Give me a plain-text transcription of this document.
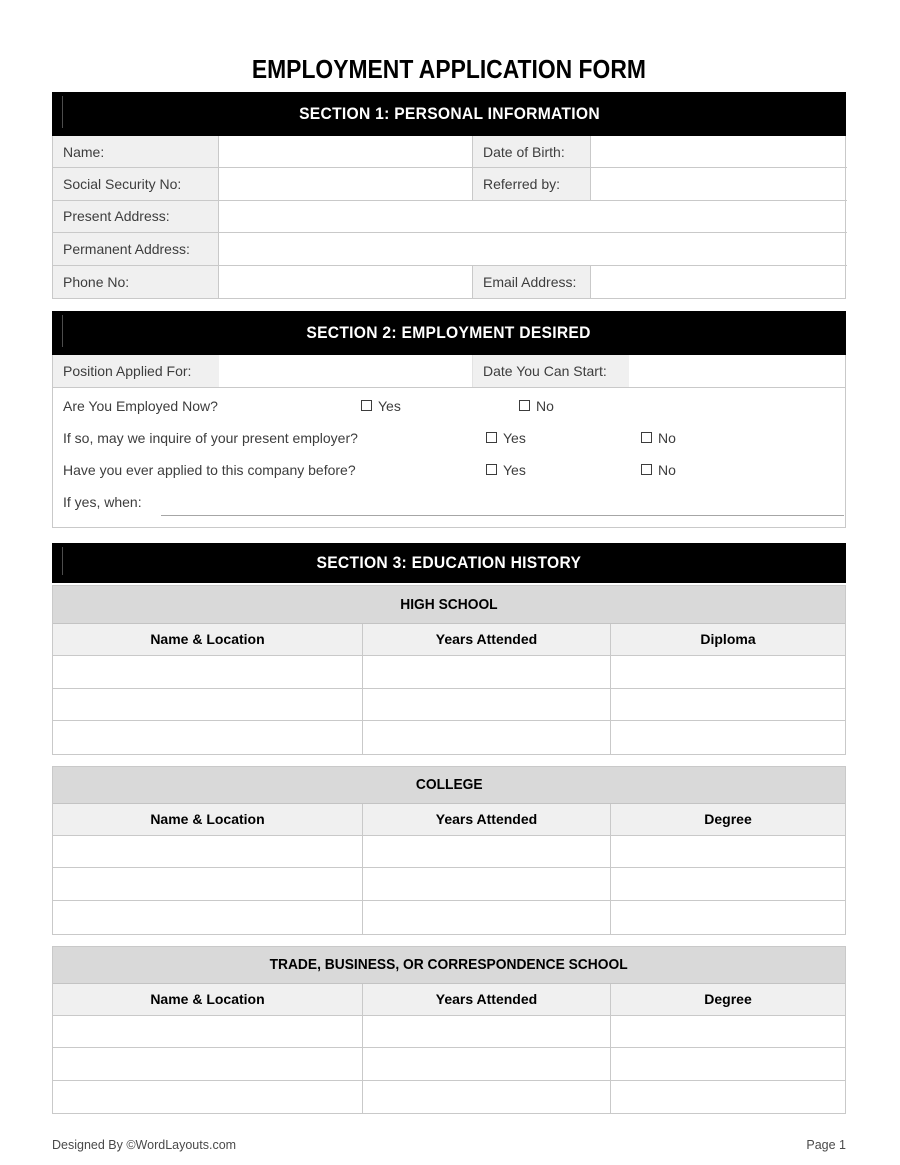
EMPLOYMENT APPLICATION FORM
SECTION 1: PERSONAL INFORMATION
Name:	Date of Birth:
Social Security No:	Referred by:
Present Address:
Permanent Address:
Phone No:	Email Address:
SECTION 2: EMPLOYMENT DESIRED
Position Applied For:	Date You Can Start:
Are You Employed Now?	Yes	No
If so, may we inquire of your present employer?	Yes	No
Have you ever applied to this company before?	Yes	No
If yes, when:
SECTION 3: EDUCATION HISTORY
HIGH SCHOOL
Name & Location	Years Attended	Diploma
COLLEGE
Name & Location	Years Attended	Degree
TRADE, BUSINESS, OR CORRESPONDENCE SCHOOL
Name & Location	Years Attended	Degree
Designed By ©WordLayouts.com	Page 1
